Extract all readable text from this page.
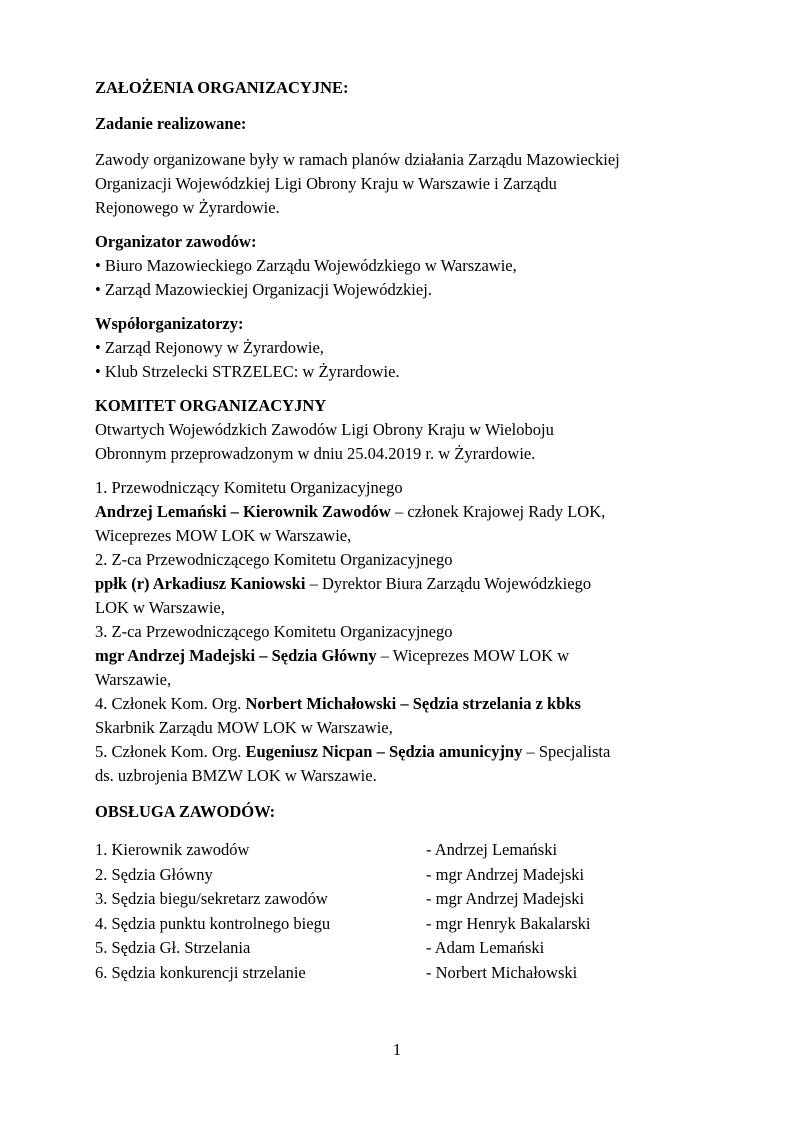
ZAŁOŻENIA ORGANIZACYJNE:

Zadanie realizowane:

Zawody organizowane były w ramach planów działania Zarządu Mazowieckiej
Organizacji Wojewódzkiej Ligi Obrony Kraju w Warszawie i Zarządu
Rejonowego w Żyrardowie.

Organizator zawodów:

• Biuro Mazowieckiego Zarządu Wojewódzkiego w Warszawie,
• Zarząd Mazowieckiej Organizacji Wojewódzkiej.

Współorganizatorzy:

• Zarząd Rejonowy w Żyrardowie,
• Klub Strzelecki STRZELEC: w Żyrardowie.

KOMITET ORGANIZACYJNY

Otwartych Wojewódzkich Zawodów Ligi Obrony Kraju w Wieloboju
Obronnym przeprowadzonym w dniu 25.04.2019 r. w Żyrardowie.
1. Przewodniczący Komitetu Organizacyjnego
Andrzej Lemański – Kierownik Zawodów – członek Krajowej Rady LOK,
Wiceprezes MOW LOK w Warszawie,
2. Z-ca Przewodniczącego Komitetu Organizacyjnego
ppłk (r) Arkadiusz Kaniowski – Dyrektor Biura Zarządu Wojewódzkiego
LOK w Warszawie,
3. Z-ca Przewodniczącego Komitetu Organizacyjnego
mgr Andrzej Madejski – Sędzia Główny – Wiceprezes MOW LOK w
Warszawie,
4. Członek Kom. Org. Norbert Michałowski – Sędzia strzelania z kbks
Skarbnik Zarządu MOW LOK w Warszawie,
5. Członek Kom. Org. Eugeniusz Nicpan – Sędzia amunicyjny – Specjalista
ds. uzbrojenia BMZW LOK w Warszawie.

OBSŁUGA ZAWODÓW:

1. Kierownik zawodów	- Andrzej Lemański
2. Sędzia Główny	- mgr Andrzej Madejski
3. Sędzia biegu/sekretarz zawodów	- mgr Andrzej Madejski
4. Sędzia punktu kontrolnego biegu	- mgr Henryk Bakalarski
5. Sędzia Gł. Strzelania	- Adam Lemański
6. Sędzia konkurencji strzelanie	- Norbert Michałowski
1
